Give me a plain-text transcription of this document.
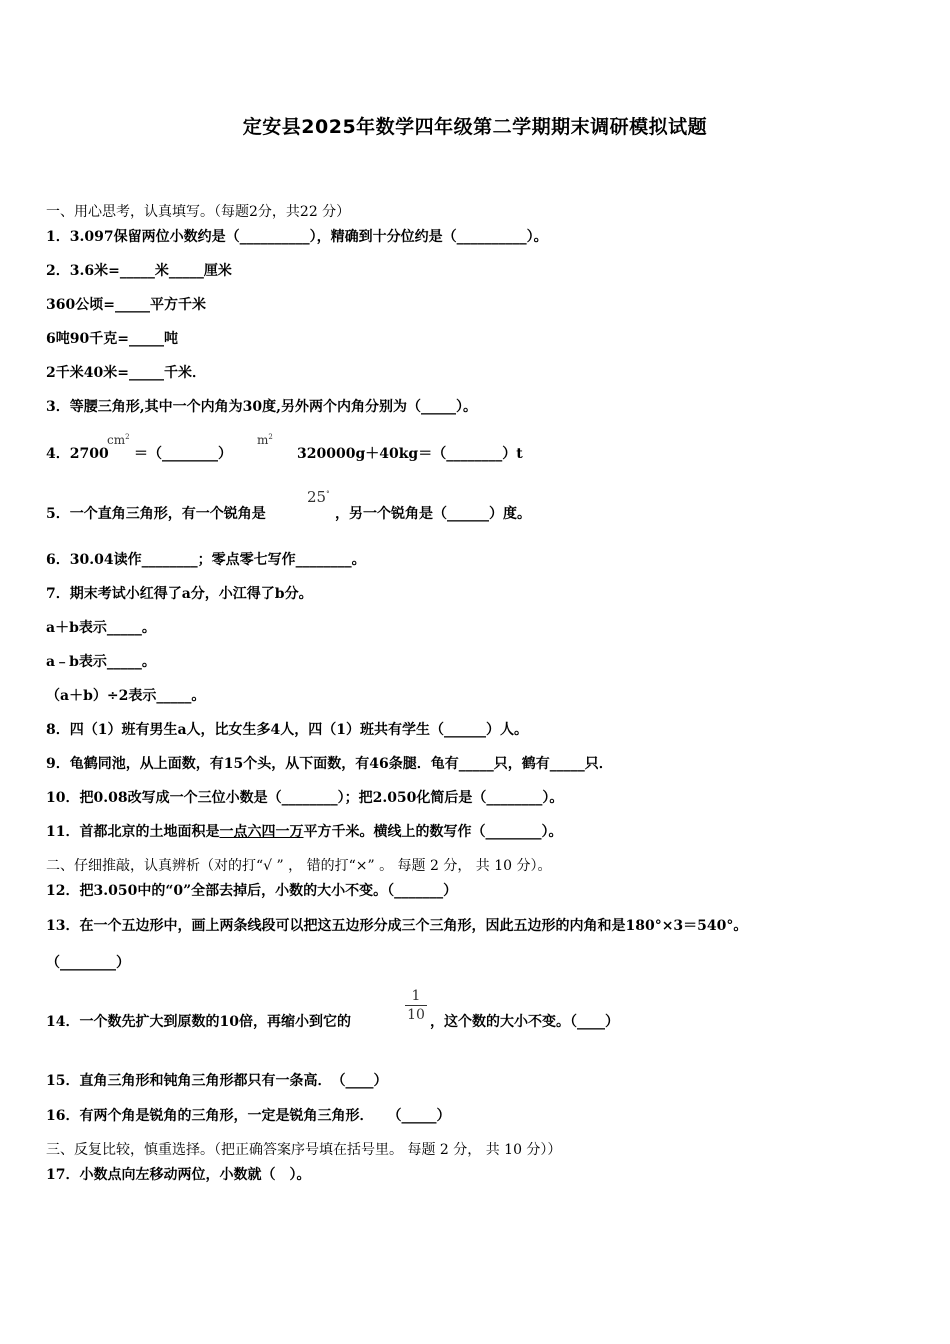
定安县2025年数学四年级第二学期期末调研模拟试题
一、用心思考，认真填写。（每题2分，共22 分）
1．3.097保留两位小数约是（__________），精确到十分位约是（__________）。
2．3.6米=_____米_____厘米
360公顷=_____平方千米
6吨90千克=_____吨
2千米40米=_____千米．
3．等腰三角形,其中一个内角为30度,另外两个内角分别为（_____）。
4．2700
$cm^2$
＝（________）
$m^2$
320000g＋40kg＝（________）t
5．一个直角三角形，有一个锐角是
25°
，另一个锐角是（______）度。
6．30.04读作________；零点零七写作________。
7．期末考试小红得了a分，小江得了b分。
a＋b表示_____。
a﹣b表示_____。
（a＋b）÷2表示_____。
8．四（1）班有男生a人，比女生多4人，四（1）班共有学生（______）人。
9．龟鹤同池，从上面数，有15个头，从下面数，有46条腿．龟有_____只，鹤有_____只．
10．把0.08改写成一个三位小数是（________）；把2.050化简后是（________）。
11．首都北京的土地面积是一点六四一万平方千米。横线上的数写作（________）。
二、仔细推敲，认真辨析（对的打“√ ” ， 错的打“×” 。 每题 2 分， 共 10 分）。
12．把3.050中的“0”全部去掉后，小数的大小不变。（_______）
13．在一个五边形中，画上两条线段可以把这五边形分成三个三角形，因此五边形的内角和是180°×3＝540°。
（________）
14．一个数先扩大到原数的10倍，再缩小到它的
1
10 ，这个数的大小不变。（____）
15．直角三角形和钝角三角形都只有一条高．　（____）
16．有两个角是锐角的三角形，一定是锐角三角形．　　（_____）
三、反复比较，慎重选择。（把正确答案序号填在括号里。 每题 2 分， 共 10 分））
17．小数点向左移动两位，小数就（　）。
